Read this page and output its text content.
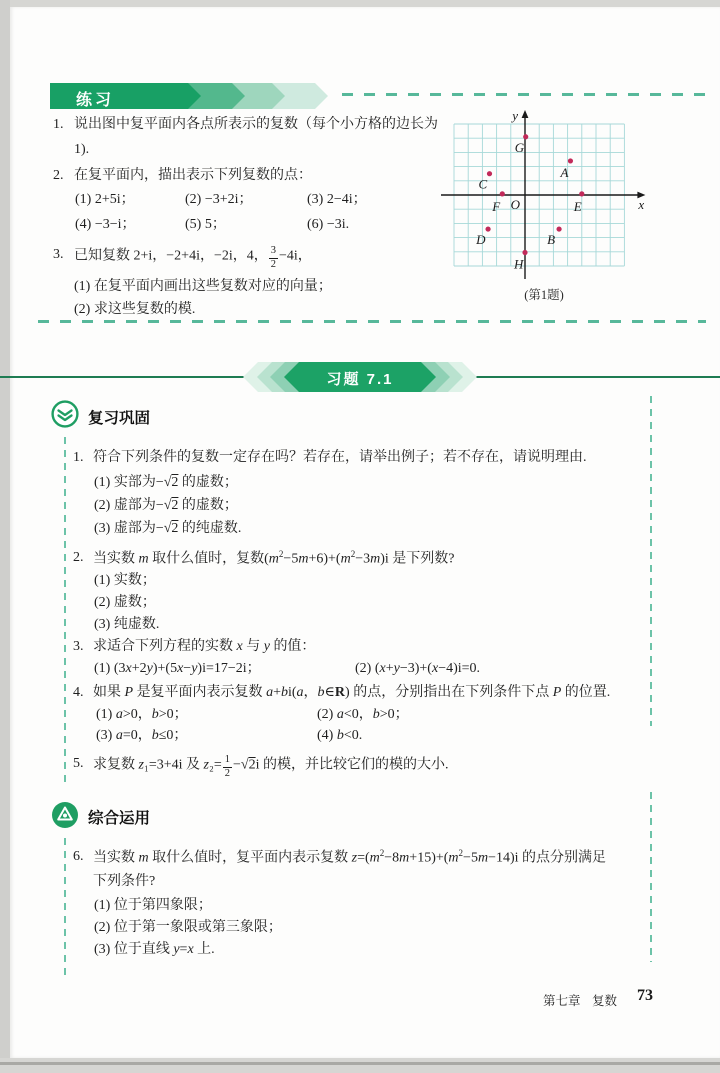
练习
1. 说出图中复平面内各点所表示的复数（每个小方格的边长为
1).
2. 在复平面内，描出表示下列复数的点：
(1) 2+5i；	(2) −3+2i；	(3) 2−4i；
(4) −3−i；	(5) 5；	(6) −3i.
3. 已知复数 2+i，−2+4i，−2i，4， $\frac{3}{2} -4i$，
(1) 在复平面内画出这些复数对应的向量；
(2) 求这些复数的模.
y
x
O
A
B
C
D
E
F
G
H
(第1题)
习题 7.1
复习巩固
1. 符合下列条件的复数一定存在吗？若存在，请举出例子；若不存在，请说明理由.
(1) 实部为−√2 的虚数；
(2) 虚部为−√2 的虚数；
(3) 虚部为−√2 的纯虚数.
2. 当实数 m 取什么值时，复数$(m^2-5m+6)+(m^2-3m)i$ 是下列数?
(1) 实数；
(2) 虚数；
(3) 纯虚数.
3. 求适合下列方程的实数 x 与 y 的值：
(1) (3x+2y)+(5x−y)i=17−2i；	(2) (x+y−3)+(x−4)i=0.
4. 如果 P 是复平面内表示复数 a+bi(a，b∈R) 的点，分别指出在下列条件下点 P 的位置.
(1) a>0，b>0；	(2) a<0，b>0；
(3) a=0，b≤0；	(4) b<0.
5. 求复数 z₁=3+4i 及 $z_2= \frac{1}{2} -√2i$ 的模，并比较它们的模的大小.
综合运用
6. 当实数 m 取什么值时，复平面内表示复数 $z=(m^2-8m+15)+(m^2-5m-14)i$ 的点分别满足
下列条件?
(1) 位于第四象限；
(2) 位于第一象限或第三象限；
(3) 位于直线 y=x 上.
第七章 复数 73
